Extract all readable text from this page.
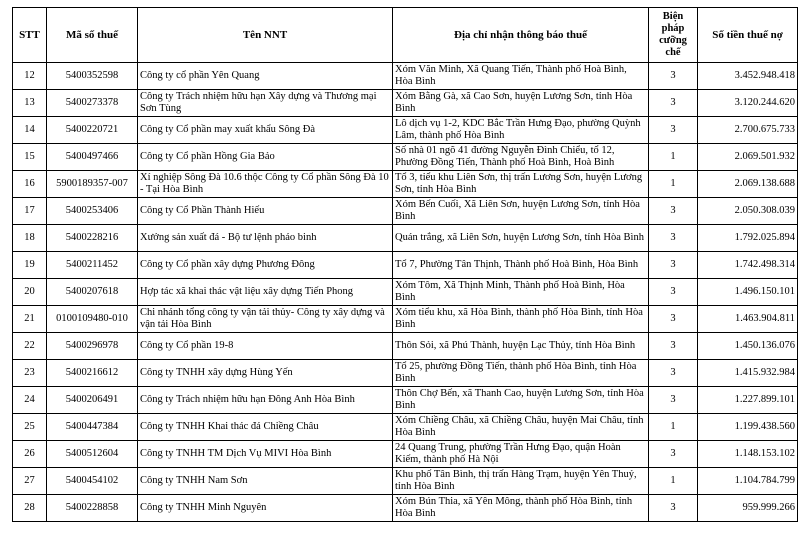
STT	Mã số thuế	Tên NNT	Địa chỉ nhận thông báo thuế	Biện pháp cưỡng chế	Số tiền thuế nợ
12	5400352598	Công ty cổ phần Yên Quang	Xóm Văn Minh, Xã Quang Tiến, Thành phố Hoà Bình, Hòa Bình	3	3.452.948.418
13	5400273378	Công ty Trách nhiệm hữu hạn Xây dựng và Thương mại Sơn Tùng	Xóm Bằng Gà, xã Cao Sơn, huyện Lương Sơn, tỉnh Hòa Bình	3	3.120.244.620
14	5400220721	Công ty Cổ phần may xuất khẩu Sông Đà	Lô dịch vụ 1-2, KDC Bắc Trần Hưng Đạo, phường Quỳnh Lâm, thành phố Hòa Bình	3	2.700.675.733
15	5400497466	Công ty Cổ phần Hồng Gia Bảo	Số nhà 01 ngõ 41 đường Nguyễn Đình Chiểu, tổ 12, Phường Đồng Tiến, Thành phố Hoà Bình, Hoà Bình	1	2.069.501.932
16	5900189357-007	Xí nghiệp Sông Đà 10.6 thộc Công ty Cổ phần Sông Đà 10 - Tại Hòa Bình	Tổ 3, tiểu khu Liên Sơn, thị trấn Lương Sơn, huyện Lương Sơn, tỉnh Hòa Bình	1	2.069.138.688
17	5400253406	Công ty Cổ Phần Thành Hiếu	Xóm Bến Cuối, Xã Liên Sơn, huyện Lương Sơn, tỉnh Hòa Bình	3	2.050.308.039
18	5400228216	Xưởng sản xuất đá - Bộ tư lệnh pháo binh	Quán trắng, xã Liên Sơn, huyện Lương Sơn, tỉnh Hòa Bình	3	1.792.025.894
19	5400211452	Công ty Cổ phần xây dựng Phương Đông	Tổ 7, Phường Tân Thịnh, Thành phố Hoà Bình, Hòa Bình	3	1.742.498.314
20	5400207618	Hợp tác xã khai thác vật liệu xây dựng Tiến Phong	Xóm Tôm, Xã Thịnh Minh, Thành phố Hoà Bình, Hòa Bình	3	1.496.150.101
21	0100109480-010	Chi nhánh tổng công ty vận tải thủy- Công ty xây dựng và vận tải Hòa Bình	Xóm tiểu khu, xã Hòa Bình, thành phố Hòa Bình, tỉnh Hòa Bình	3	1.463.904.811
22	5400296978	Công ty Cổ phần 19-8	Thôn Sỏi, xã Phú Thành, huyện Lạc Thủy, tỉnh Hòa Bình	3	1.450.136.076
23	5400216612	Công ty TNHH xây dựng Hùng Yến	Tổ 25, phường Đồng Tiến, thành phố Hòa Bình, tỉnh Hòa Bình	3	1.415.932.984
24	5400206491	Công ty Trách nhiệm hữu hạn Đông Anh Hòa Bình	Thôn Chợ Bến, xã Thanh Cao, huyện Lương Sơn, tỉnh Hòa Bình	3	1.227.899.101
25	5400447384	Công ty TNHH Khai thác đá Chiềng Châu	Xóm Chiềng Châu, xã Chiềng Châu, huyện Mai Châu, tỉnh Hòa Bình	1	1.199.438.560
26	5400512604	Công ty TNHH TM Dịch Vụ MIVI Hòa Bình	24 Quang Trung, phường Trần Hưng Đạo, quận Hoàn Kiếm, thành phố Hà Nội	3	1.148.153.102
27	5400454102	Công ty TNHH Nam Sơn	Khu phố Tân Bình, thị trấn Hàng Trạm, huyện Yên Thuỷ, tỉnh Hòa Bình	1	1.104.784.799
28	5400228858	Công ty TNHH Minh Nguyên	Xóm Bún Thia, xã Yên Mông, thành phố Hòa Bình, tỉnh Hòa Bình	3	959.999.266
